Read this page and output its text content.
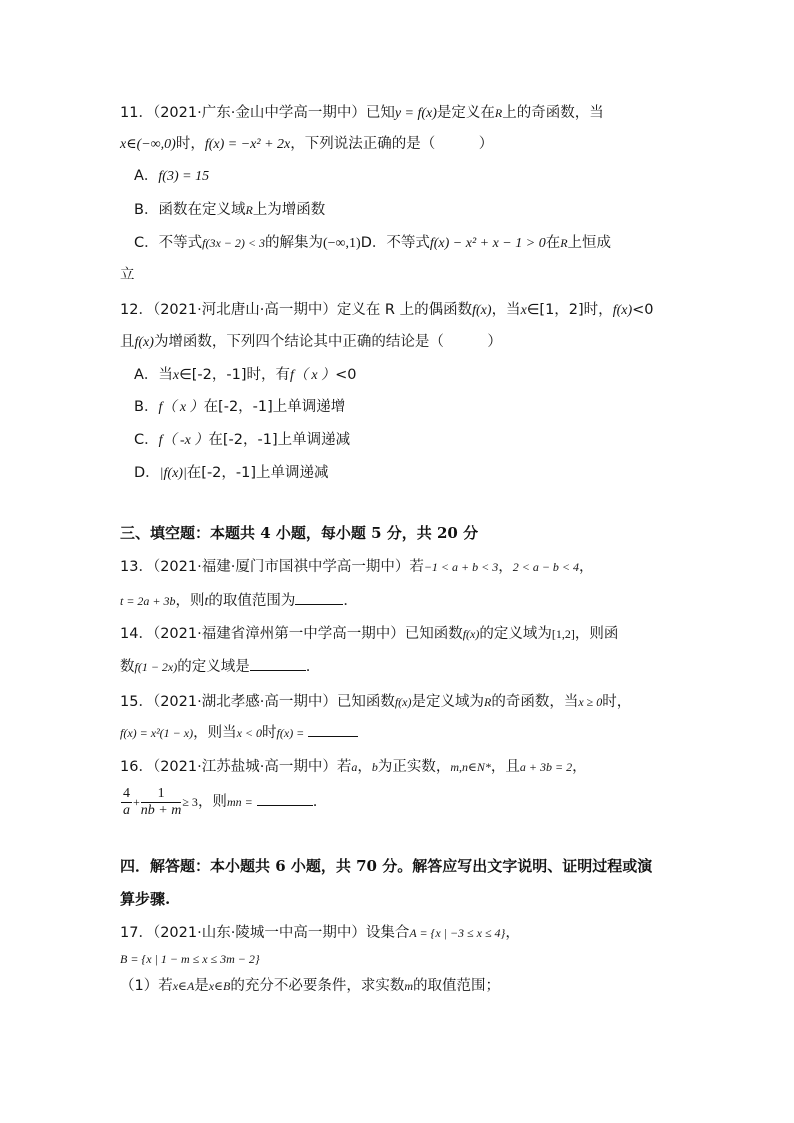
11．（2021·广东·金山中学高一期中）已知y = f(x)是定义在R上的奇函数，当
x∈(−∞,0)时，f(x) = −x² + 2x，下列说法正确的是（　　　）
A．f(3) = 15
B．函数在定义域R上为增函数
C．不等式f(3x − 2) < 3的解集为(−∞,1)D．不等式f(x) − x² + x − 1 > 0在R上恒成
立
12．（2021·河北唐山·高一期中）定义在 R 上的偶函数f(x)，当x∈[1，2]时，f(x)<0
且f(x)为增函数，下列四个结论其中正确的结论是（　　　）
A．当x∈[-2，-1]时，有f（ x ）<0
B．f（ x ）在[-2，-1]上单调递增
C．f（ -x ）在[-2，-1]上单调递减
D．|f(x)|在[-2，-1]上单调递减
三、填空题：本题共 4 小题，每小题 5 分，共 20 分
13．（2021·福建·厦门市国祺中学高一期中）若−1 < a + b < 3，2 < a − b < 4，
t = 2a + 3b，则t的取值范围为	．
14．（2021·福建省漳州第一中学高一期中）已知函数f(x)的定义域为[1,2]，则函
数f(1 − 2x)的定义域是	.
15．（2021·湖北孝感·高一期中）已知函数f(x)是定义域为R的奇函数，当x ≥ 0时，
f(x) = x²(1 − x)，则当x < 0时f(x) =
16．（2021·江苏盐城·高一期中）若a，b为正实数，m,n∈N*，且a + 3b = 2，
$\frac{4}{a} + \frac{1}{nb + m} \ge 3$，则mn =	.
四．解答题：本小题共 6 小题，共 70 分。解答应写出文字说明、证明过程或演
算步骤.
17．（2021·山东·陵城一中高一期中）设集合A = {x | −3 ≤ x ≤ 4}，
B = {x | 1 − m ≤ x ≤ 3m − 2}
（1）若x∈A是x∈B的充分不必要条件，求实数m的取值范围；
